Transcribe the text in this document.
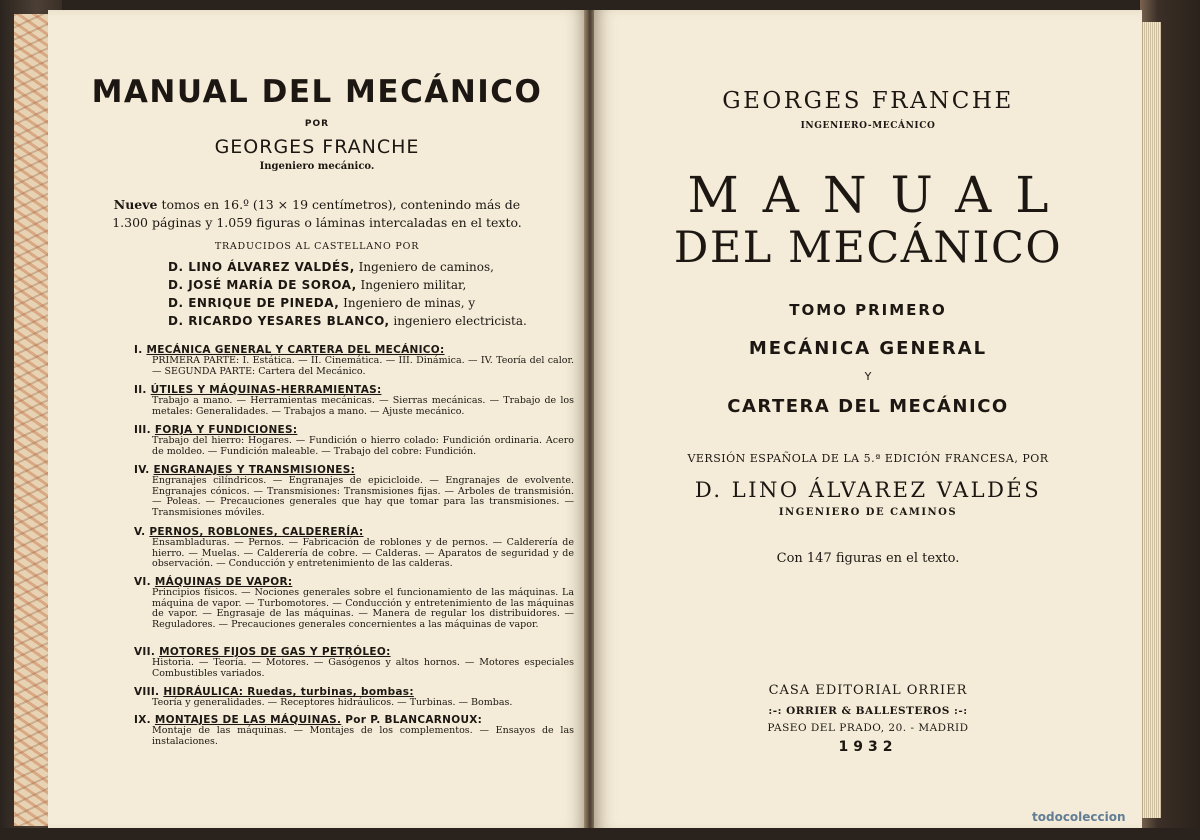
MANUAL DEL MECÁNICO
POR
GEORGES FRANCHE
Ingeniero mecánico.
Nueve tomos en 16.º (13 × 19 centímetros), contenindo más de
1.300 páginas y 1.059 figuras o láminas intercaladas en el texto.
TRADUCIDOS AL CASTELLANO POR
D. LINO ÁLVAREZ VALDÉS, Ingeniero de caminos,
D. JOSÉ MARÍA DE SOROA, Ingeniero militar,
D. ENRIQUE DE PINEDA, Ingeniero de minas, y
D. RICARDO YESARES BLANCO, ingeniero electricista.
I. MECÁNICA GENERAL Y CARTERA DEL MECÁNICO:
PRIMERA PARTE: I. Estática. — II. Cinemática. — III. Dinámica. — IV. Teoría del calor. — SEGUNDA PARTE: Cartera del Mecánico.
II. ÚTILES Y MÁQUINAS-HERRAMIENTAS:
Trabajo a mano. — Herramientas mecánicas. — Sierras mecánicas. — Trabajo de los metales: Generalidades. — Trabajos a mano. — Ajuste mecánico.
III. FORJA Y FUNDICIONES:
Trabajo del hierro: Hogares. — Fundición o hierro colado: Fundición ordinaria. Acero de moldeo. — Fundición maleable. — Trabajo del cobre: Fundición.
IV. ENGRANAJES Y TRANSMISIONES:
Engranajes cilíndricos. — Engranajes de epicicloide. — Engranajes de evolvente. Engranajes cónicos. — Transmisiones: Transmisiones fijas. — Arboles de transmisión. — Poleas. — Precauciones generales que hay que tomar para las transmisiones. — Transmisiones móviles.
V. PERNOS, ROBLONES, CALDERERÍA:
Ensambladuras. — Pernos. — Fabricación de roblones y de pernos. — Calderería de hierro. — Muelas. — Calderería de cobre. — Calderas. — Aparatos de seguridad y de observación. — Conducción y entretenimiento de las calderas.
VI. MÁQUINAS DE VAPOR:
Principios físicos. — Nociones generales sobre el funcionamiento de las máquinas. La máquina de vapor. — Turbomotores. — Conducción y entretenimiento de las máquinas de vapor. — Engrasaje de las máquinas. — Manera de regular los distribuidores. — Reguladores. — Precauciones generales concernientes a las máquinas de vapor.
VII. MOTORES FIJOS DE GAS Y PETRÓLEO:
Historia. — Teoría. — Motores. — Gasógenos y altos hornos. — Motores especiales Combustibles variados.
VIII. HIDRÁULICA: Ruedas, turbinas, bombas:
Teoría y generalidades. — Receptores hidráulicos. — Turbinas. — Bombas.
IX. MONTAJES DE LAS MÁQUINAS. Por P. BLANCARNOUX:
Montaje de las máquinas. — Montajes de los complementos. — Ensayos de las instalaciones.
GEORGES FRANCHE
INGENIERO-MECÁNICO
MANUAL
DEL MECÁNICO
TOMO PRIMERO
MECÁNICA GENERAL
Y
CARTERA DEL MECÁNICO
VERSIÓN ESPAÑOLA DE LA 5.ª EDICIÓN FRANCESA, POR
D. LINO ÁLVAREZ VALDÉS
INGENIERO DE CAMINOS
Con 147 figuras en el texto.
CASA EDITORIAL ORRIER
:-: ORRIER & BALLESTEROS :-:
PASEO DEL PRADO, 20. - MADRID
1932
todocoleccion
